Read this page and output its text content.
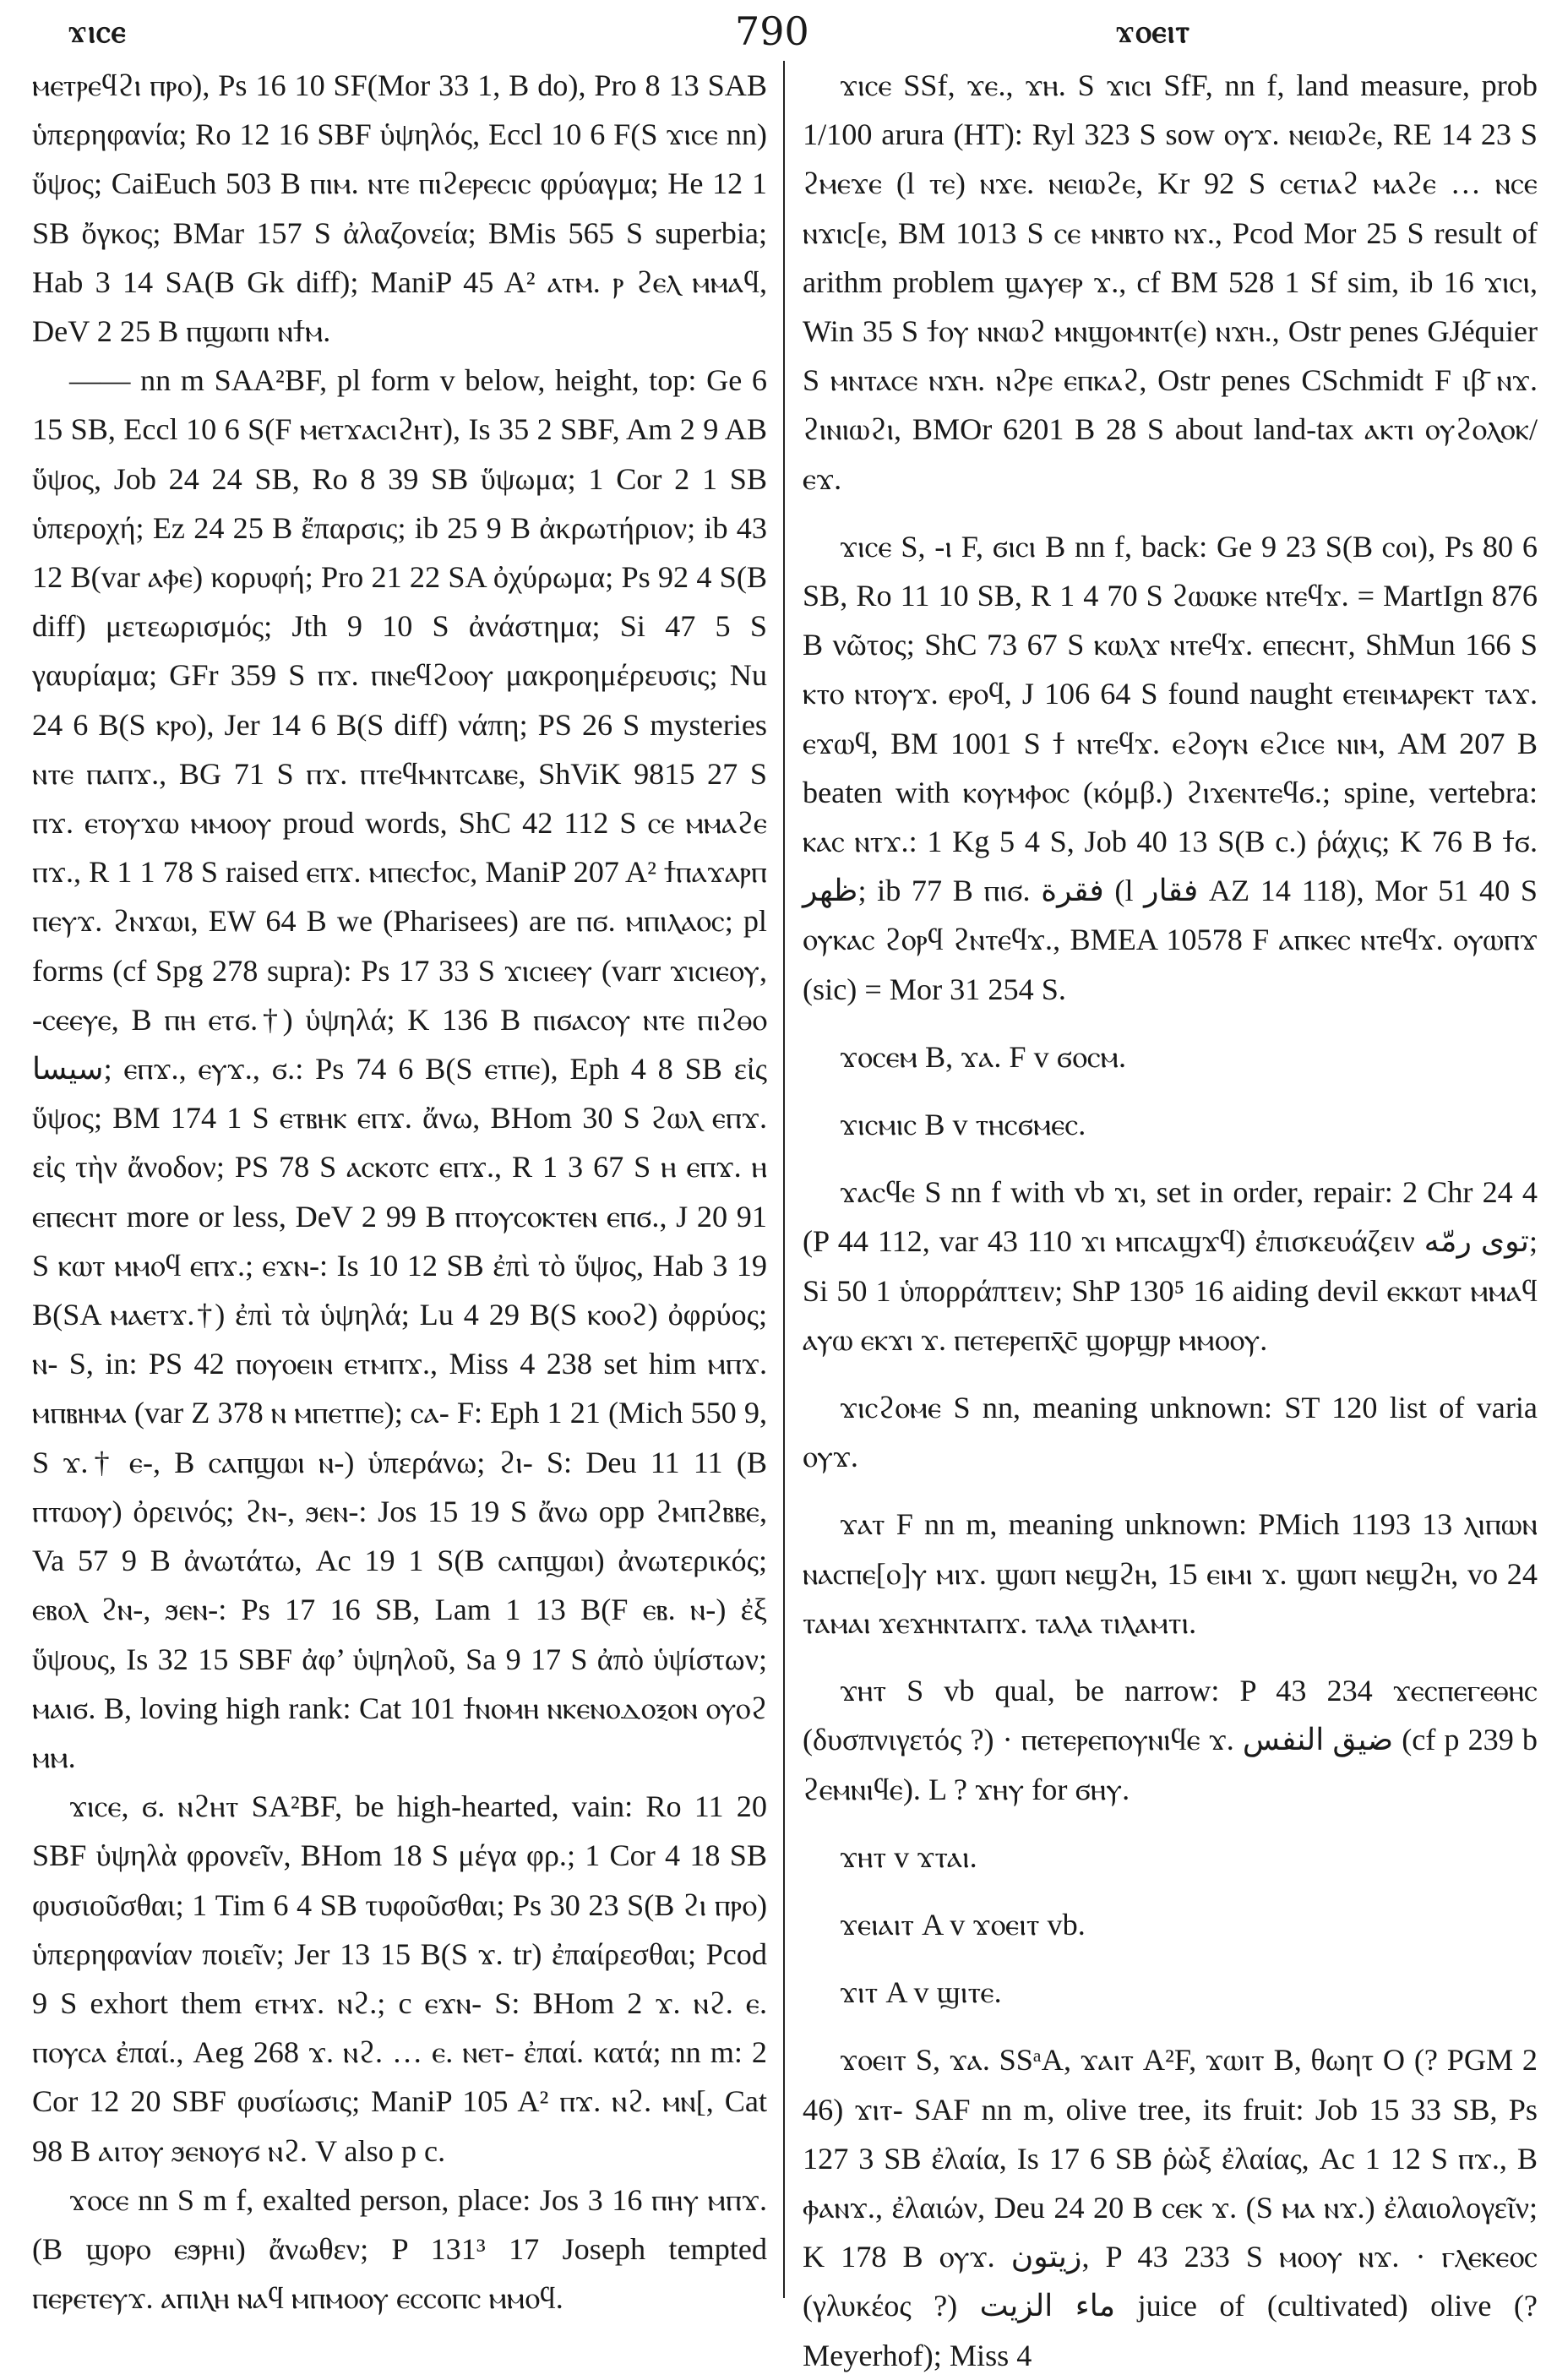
ϫⲓⲥⲉ	790	ϫⲟⲉⲓⲧ

ⲙⲉⲧⲣⲉϥϩⲓ ⲡⲣⲟ), Ps 16 10 SF(Mor 33 1, B do), Pro 8 13 SAB ὑπερηφανία; Ro 12 16 SBF ὑψηλός, Eccl 10 6 F(S ϫⲓⲥⲉ nn) ὕψος; CaiEuch 503 B ⲡⲓⲙ. ⲛⲧⲉ ⲡⲓϩⲉⲣⲉⲥⲓⲥ φρύαγμα; He 12 1 SB ὄγκος; BMar 157 S ἀλαζονεία; BMis 565 S superbia; Hab 3 14 SA(B Gk diff); ManiP 45 A² ⲁⲧⲙ. ⲣ ϩⲉⲗ ⲙⲙⲁϥ, DeV 2 25 B ⲡϣⲱⲡⲓ ⲛϯⲙ.

—— nn m SAA²BF, pl form v below, height, top: Ge 6 15 SB, Eccl 10 6 S(F ⲙⲉⲧϫⲁⲥⲓϩⲏⲧ), Is 35 2 SBF, Am 2 9 AB ὕψος, Job 24 24 SB, Ro 8 39 SB ὕψωμα; 1 Cor 2 1 SB ὑπεροχή; Ez 24 25 B ἔπαρσις; ib 25 9 B ἀκρωτήριον; ib 43 12 B(var ⲁⲫⲉ) κορυφή; Pro 21 22 SA ὀχύρωμα; Ps 92 4 S(B diff) μετεωρισμός; Jth 9 10 S ἀνάστημα; Si 47 5 S γαυρίαμα; GFr 359 S ⲡϫ. ⲡⲛⲉϥϩⲟⲟⲩ μακροημέρευσις; Nu 24 6 B(S ⲕⲣⲟ), Jer 14 6 B(S diff) νάπη; PS 26 S mysteries ⲛⲧⲉ ⲡⲁⲡϫ., BG 71 S ⲡϫ. ⲡⲧⲉϥⲙⲛⲧⲥⲁⲃⲉ, ShViK 9815 27 S ⲡϫ. ⲉⲧⲟⲩϫⲱ ⲙⲙⲟⲟⲩ proud words, ShC 42 112 S ⲥⲉ ⲙⲙⲁϩⲉ ⲡϫ., R 1 1 78 S raised ⲉⲡϫ. ⲙⲡⲉⲥϯⲟⲥ, ManiP 207 A² ϯⲡⲁϫⲁⲣⲡ ⲡⲉⲩϫ. ϩⲛϫⲱⲓ, EW 64 B we (Pharisees) are ⲡϭ. ⲙⲡⲓⲗⲁⲟⲥ; pl forms (cf Spg 278 supra): Ps 17 33 S ϫⲓⲥⲓⲉⲉⲩ (varr ϫⲓⲥⲓⲉⲟⲩ, -ⲥⲉⲉⲩⲉ, B ⲡⲏ ⲉⲧϭ.†) ὑψηλά; K 136 B ⲡⲓϭⲁⲥⲟⲩ ⲛⲧⲉ ⲡⲓϩⲑⲟ سيسا; ⲉⲡϫ., ⲉⲩϫ., ϭ.: Ps 74 6 B(S ⲉⲧⲡⲉ), Eph 4 8 SB εἰς ὕψος; BM 174 1 S ⲉⲧⲃⲏⲕ ⲉⲡϫ. ἄνω, BHom 30 S ϩⲱⲗ ⲉⲡϫ. εἰς τὴν ἄνοδον; PS 78 S ⲁⲥⲕⲟⲧⲥ ⲉⲡϫ., R 1 3 67 S ⲏ ⲉⲡϫ. ⲏ ⲉⲡⲉⲥⲏⲧ more or less, DeV 2 99 B ⲡⲧⲟⲩⲥⲟⲕⲧⲉⲛ ⲉⲡϭ., J 20 91 S ⲕⲱⲧ ⲙⲙⲟϥ ⲉⲡϫ.; ⲉϫⲛ-: Is 10 12 SB ἐπὶ τὸ ὕψος, Hab 3 19 B(SA ⲙⲁⲉⲧϫ.†) ἐπὶ τὰ ὑψηλά; Lu 4 29 B(S ⲕⲟⲟϩ) ὀφρύος; ⲛ- S, in: PS 42 ⲡⲟⲩⲟⲉⲓⲛ ⲉⲧⲙⲡϫ., Miss 4 238 set him ⲙⲡϫ. ⲙⲡⲃⲏⲙⲁ (var Z 378 ⲛ ⲙⲡⲉⲧⲡⲉ); ⲥⲁ- F: Eph 1 21 (Mich 550 9, S ϫ.† ⲉ-, B ⲥⲁⲡϣⲱⲓ ⲛ-) ὑπεράνω; ϩⲓ- S: Deu 11 11 (B ⲡⲧⲱⲟⲩ) ὀρεινός; ϩⲛ-, ϧⲉⲛ-: Jos 15 19 S ἄνω opp ϩⲙⲡϩⲃⲃⲉ, Va 57 9 B ἀνωτάτω, Ac 19 1 S(B ⲥⲁⲡϣⲱⲓ) ἀνωτερικός; ⲉⲃⲟⲗ ϩⲛ-, ϧⲉⲛ-: Ps 17 16 SB, Lam 1 13 B(F ⲉⲃ. ⲛ-) ἐξ ὕψους, Is 32 15 SBF ἀφ’ ὑψηλοῦ, Sa 9 17 S ἀπὸ ὑψίστων; ⲙⲁⲓϭ. B, loving high rank: Cat 101 ϯⲛⲟⲙⲏ ⲛⲕⲉⲛⲟⲇⲟⲝⲟⲛ ⲟⲩⲟϩ ⲙⲙ.

ϫⲓⲥⲉ, ϭ. ⲛϩⲏⲧ SA²BF, be high-hearted, vain: Ro 11 20 SBF ὑψηλὰ φρονεῖν, BHom 18 S μέγα φρ.; 1 Cor 4 18 SB φυσιοῦσθαι; 1 Tim 6 4 SB τυφοῦσθαι; Ps 30 23 S(B ϩⲓ ⲡⲣⲟ) ὑπερηφανίαν ποιεῖν; Jer 13 15 B(S ϫ. tr) ἐπαίρεσθαι; Pcod 9 S exhort them ⲉⲧⲙϫ. ⲛϩ.; c ⲉϫⲛ- S: BHom 2 ϫ. ⲛϩ. ⲉ. ⲡⲟⲩⲥⲁ ἐπαί., Aeg 268 ϫ. ⲛϩ. … ⲉ. ⲛⲉⲧ- ἐπαί. κατά; nn m: 2 Cor 12 20 SBF φυσίωσις; ManiP 105 A² ⲡϫ. ⲛϩ. ⲙⲛ[, Cat 98 B ⲁⲓⲧⲟⲩ ϧⲉⲛⲟⲩϭ ⲛϩ. V also p c.

ϫⲟⲥⲉ nn S m f, exalted person, place: Jos 3 16 ⲡⲏⲩ ⲙⲡϫ. (B ϣⲟⲣⲟ ⲉϧⲣⲏⲓ) ἄνωθεν; P 131³ 17 Joseph tempted ⲡⲉⲣⲉⲧⲉⲩϫ. ⲁⲡⲓⲗⲏ ⲛⲁϥ ⲙⲡⲙⲟⲟⲩ ⲉⲥⲥⲟⲡⲥ ⲙⲙⲟϥ.

ϫⲓⲥⲉ SSf, ϫⲉ., ϫⲏ. S ϫⲓⲥⲓ SfF, nn f, land measure, prob 1/100 arura (HT): Ryl 323 S sow ⲟⲩϫ. ⲛⲉⲓⲱϩⲉ, RE 14 23 S ϩⲙⲉϫⲉ (l ⲧⲉ) ⲛϫⲉ. ⲛⲉⲓⲱϩⲉ, Kr 92 S ⲥⲉⲧⲓⲁϩ ⲙⲁϩⲉ … ⲛⲥⲉ ⲛϫⲓⲥ[ⲉ, BM 1013 S ⲥⲉ ⲙⲛⲃⲧⲟ ⲛϫ., Pcod Mor 25 S result of arithm problem ϣⲁⲩⲉⲣ ϫ., cf BM 528 1 Sf sim, ib 16 ϫⲓⲥⲓ, Win 35 S ϯⲟⲩ ⲛⲛⲱϩ ⲙⲛϣⲟⲙⲛⲧ(ⲉ) ⲛϫⲏ., Ostr penes GJéquier S ⲙⲛⲧⲁⲥⲉ ⲛϫⲏ. ⲛϩⲣⲉ ⲉⲡⲕⲁϩ, Ostr penes CSchmidt F ιβ̄ ⲛϫ. ϩⲓⲛⲓⲱϩⲓ, BMOr 6201 B 28 S about land-tax ⲁⲕⲧⲓ ⲟⲩϩⲟⲗⲟⲕ/ ⲉϫ.

ϫⲓⲥⲉ S, -ⲓ F, ϭⲓⲥⲓ B nn f, back: Ge 9 23 S(B ⲥⲟⲓ), Ps 80 6 SB, Ro 11 10 SB, R 1 4 70 S ϩⲱⲱⲕⲉ ⲛⲧⲉϥϫ. = MartIgn 876 B νῶτος; ShC 73 67 S ⲕⲱⲗϫ ⲛⲧⲉϥϫ. ⲉⲡⲉⲥⲏⲧ, ShMun 166 S ⲕⲧⲟ ⲛⲧⲟⲩϫ. ⲉⲣⲟϥ, J 106 64 S found naught ⲉⲧⲉⲓⲙⲁⲣⲉⲕⲧ ⲧⲁϫ. ⲉϫⲱϥ, BM 1001 S ϯ ⲛⲧⲉϥϫ. ⲉϩⲟⲩⲛ ⲉϩⲓⲥⲉ ⲛⲓⲙ, AM 207 B beaten with ⲕⲟⲩⲙⲫⲟⲥ (κόμβ.) ϩⲓϫⲉⲛⲧⲉϥϭ.; spine, vertebra: ⲕⲁⲥ ⲛⲧϫ.: 1 Kg 5 4 S, Job 40 13 S(B c.) ῥάχις; K 76 B ϯϭ. ظهر; ib 77 B ⲡⲓϭ. فقرة (l فقار AZ 14 118), Mor 51 40 S ⲟⲩⲕⲁⲥ ϩⲟⲣϥ ϩⲛⲧⲉϥϫ., BMEA 10578 F ⲁⲡⲕⲉⲥ ⲛⲧⲉϥϫ. ⲟⲩⲱⲡϫ (sic) = Mor 31 254 S.

ϫⲟⲥⲉⲙ B, ϫⲁ. F v ϭⲟⲥⲙ.

ϫⲓⲥⲙⲓⲥ B v ⲧⲏⲥϭⲙⲉⲥ.

ϫⲁⲥϥⲉ S nn f with vb ϫⲓ, set in order, repair: 2 Chr 24 4 (P 44 112, var 43 110 ϫⲓ ⲙⲡⲥⲁϣϫϥ) ἐπισκευάζειν توى رمّه; Si 50 1 ὑπορράπτειν; ShP 130⁵ 16 aiding devil ⲉⲕⲕⲱⲧ ⲙⲙⲁϥ ⲁⲩⲱ ⲉⲕϫⲓ ϫ. ⲡⲉⲧⲉⲣⲉⲡⲭ̄ⲥ̄ ϣⲟⲣϣⲣ ⲙⲙⲟⲟⲩ.

ϫⲓⲥϩⲟⲙⲉ S nn, meaning unknown: ST 120 list of varia ⲟⲩϫ.

ϫⲁⲧ F nn m, meaning unknown: PMich 1193 13 ⲗⲓⲡⲱⲛ ⲛⲁⲥⲡⲉ[ⲟ]ⲩ ⲙⲓϫ. ϣⲱⲡ ⲛⲉϣϩⲏ, 15 ⲉⲓⲙⲓ ϫ. ϣⲱⲡ ⲛⲉϣϩⲏ, vo 24 ⲧⲁⲙⲁⲓ ϫⲉϫⲏⲛⲧⲁⲡϫ. ⲧⲁⲗⲁ ⲧⲓⲗⲁⲙⲧⲓ.

ϫⲏⲧ S vb qual, be narrow: P 43 234 ϫⲉⲥⲡⲉⲅⲉⲑⲏⲥ (δυσπνιγετός ?) · ⲡⲉⲧⲉⲣⲉⲡⲟⲩⲛⲓϥⲉ ϫ. ضيق النفس (cf p 239 b ϩⲉⲙⲛⲓϥⲉ). L ? ϫⲏⲩ for ϭⲏⲩ.

ϫⲏⲧ v ϫⲧⲁⲓ.

ϫⲉⲓⲁⲓⲧ A v ϫⲟⲉⲓⲧ vb.

ϫⲓⲧ A v ϣⲓⲧⲉ.

ϫⲟⲉⲓⲧ S, ϫⲁ. SSᵃA, ϫⲁⲓⲧ A²F, ϫⲱⲓⲧ B, θωητ O (? PGM 2 46) ϫⲓⲧ- SAF nn m, olive tree, its fruit: Job 15 33 SB, Ps 127 3 SB ἐλαία, Is 17 6 SB ῥὼξ ἐλαίας, Ac 1 12 S ⲡϫ., B ⲫⲁⲛϫ., ἐλαιών, Deu 24 20 B ⲥⲉⲕ ϫ. (S ⲙⲁ ⲛϫ.) ἐλαιολογεῖν; K 178 B ⲟⲩϫ. زيتون, P 43 233 S ⲙⲟⲟⲩ ⲛϫ. · ⲅⲗⲉⲕⲉⲟⲥ (γλυκέος ?) ماء الزيت juice of (cultivated) olive (? Meyerhof); Miss 4
